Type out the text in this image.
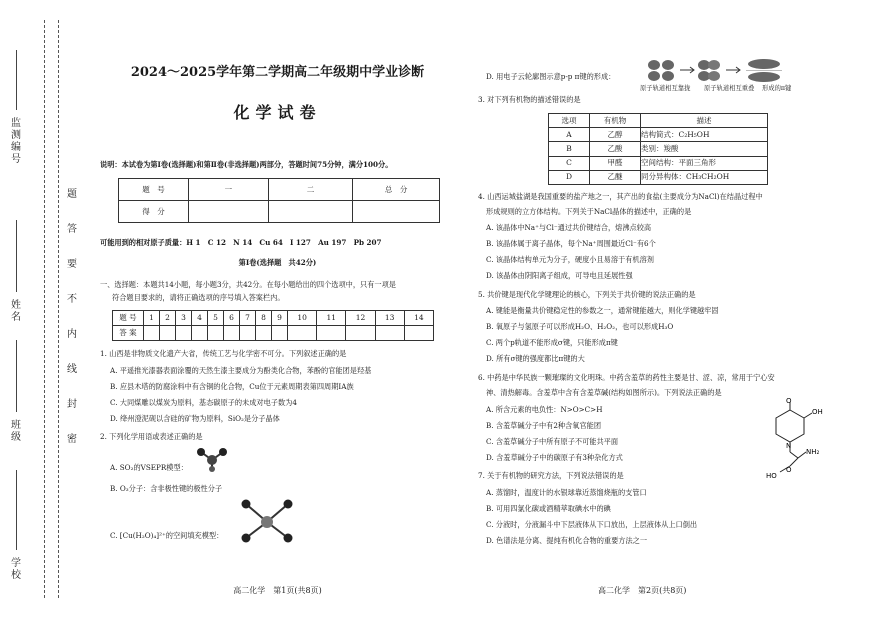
监测编号
姓 名
班 级
学 校
密
封
线
内
不
要
答
题
2024～2025学年第二学期高二年级期中学业诊断
化学试卷
说明：本试卷为第Ⅰ卷(选择题)和第Ⅱ卷(非选择题)两部分，答题时间75分钟，满分100分。
题　号	一	二	总　分
得　分			
可能用到的相对原子质量：H 1　C 12　N 14　Cu 64　I 127　Au 197　Pb 207
第Ⅰ卷(选择题　共42分)
一、选择题：本题共14小题，每小题3分，共42分。在每小题给出的四个选项中，只有一项是
符合题目要求的，请将正确选项的序号填入答案栏内。
题 号	1	2	3	4	5	6	7	8	9	10	11	12	13	14
答 案														
1. 山西是非物质文化遗产大省，传统工艺与化学密不可分。下列叙述正确的是
A. 平遥推光漆器表面涂覆的天然生漆主要成分为酚类化合物，苯酚的官能团是羟基
B. 应县木塔的防腐涂料中有含铜的化合物，Cu位于元素周期表第四周期IA族
C. 大同煤雕以煤炭为原料，基态碳原子的未成对电子数为4
D. 绛州澄泥砚以含硅的矿物为原料，SiO₂是分子晶体
2. 下列化学用语或表述正确的是
A. SO₂的VSEPR模型：
B. O₃分子：含非极性键的极性分子
C. [Cu(H₂O)₄]²⁺的空间填充模型：
高二化学　第1页(共8页)
D. 用电子云轮廓图示意p-p π键的形成：
原子轨道相互靠拢 原子轨道相互重叠 形成的π键
3. 对下列有机物的描述错误的是
选项	有机物	描述
A	乙醇	结构简式：C₂H₅OH
B	乙酸	类别：羧酸
C	甲醛	空间结构：平面三角形
D	乙醚	同分异构体：CH₃CH₂OH
4. 山西运城盐湖是我国重要的盐产地之一，其产出的食盐(主要成分为NaCl)在结晶过程中
形成规则的立方体结构。下列关于NaCl晶体的描述中，正确的是
A. 该晶体中Na⁺与Cl⁻通过共价键结合，熔沸点较高
B. 该晶体属于离子晶体，每个Na⁺周围最近Cl⁻有6个
C. 该晶体结构单元为分子，硬度小且易溶于有机溶剂
D. 该晶体由阴阳离子组成，可导电且延展性强
5. 共价键是现代化学键理论的核心，下列关于共价键的说法正确的是
A. 键能是衡量共价键稳定性的参数之一，通常键能越大，则化学键越牢固
B. 氧原子与氢原子可以形成H₂O、H₂O₂，也可以形成H₃O
C. 两个p轨道不能形成σ键，只能形成π键
D. 所有σ键的强度都比π键的大
6. 中药是中华民族一颗璀璨的文化明珠。中药含羞草的药性主要是甘、涩、凉，常用于宁心安
神、清热解毒。含羞草中含有含羞草碱(结构如图所示)。下列说法正确的是
A. 所含元素的电负性：N>O>C>H
B. 含羞草碱分子中有2种含氧官能团
C. 含羞草碱分子中所有原子不可能共平面
D. 含羞草碱分子中的碳原子有3种杂化方式
O
OH
N
NH₂
O
HO
7. 关于有机物的研究方法，下列说法错误的是
A. 蒸馏时，温度计的水银球靠近蒸馏烧瓶的支管口
B. 可用四氯化碳或酒精萃取碘水中的碘
C. 分液时，分液漏斗中下层液体从下口放出，上层液体从上口倒出
D. 色谱法是分离、提纯有机化合物的重要方法之一
高二化学　第2页(共8页)
